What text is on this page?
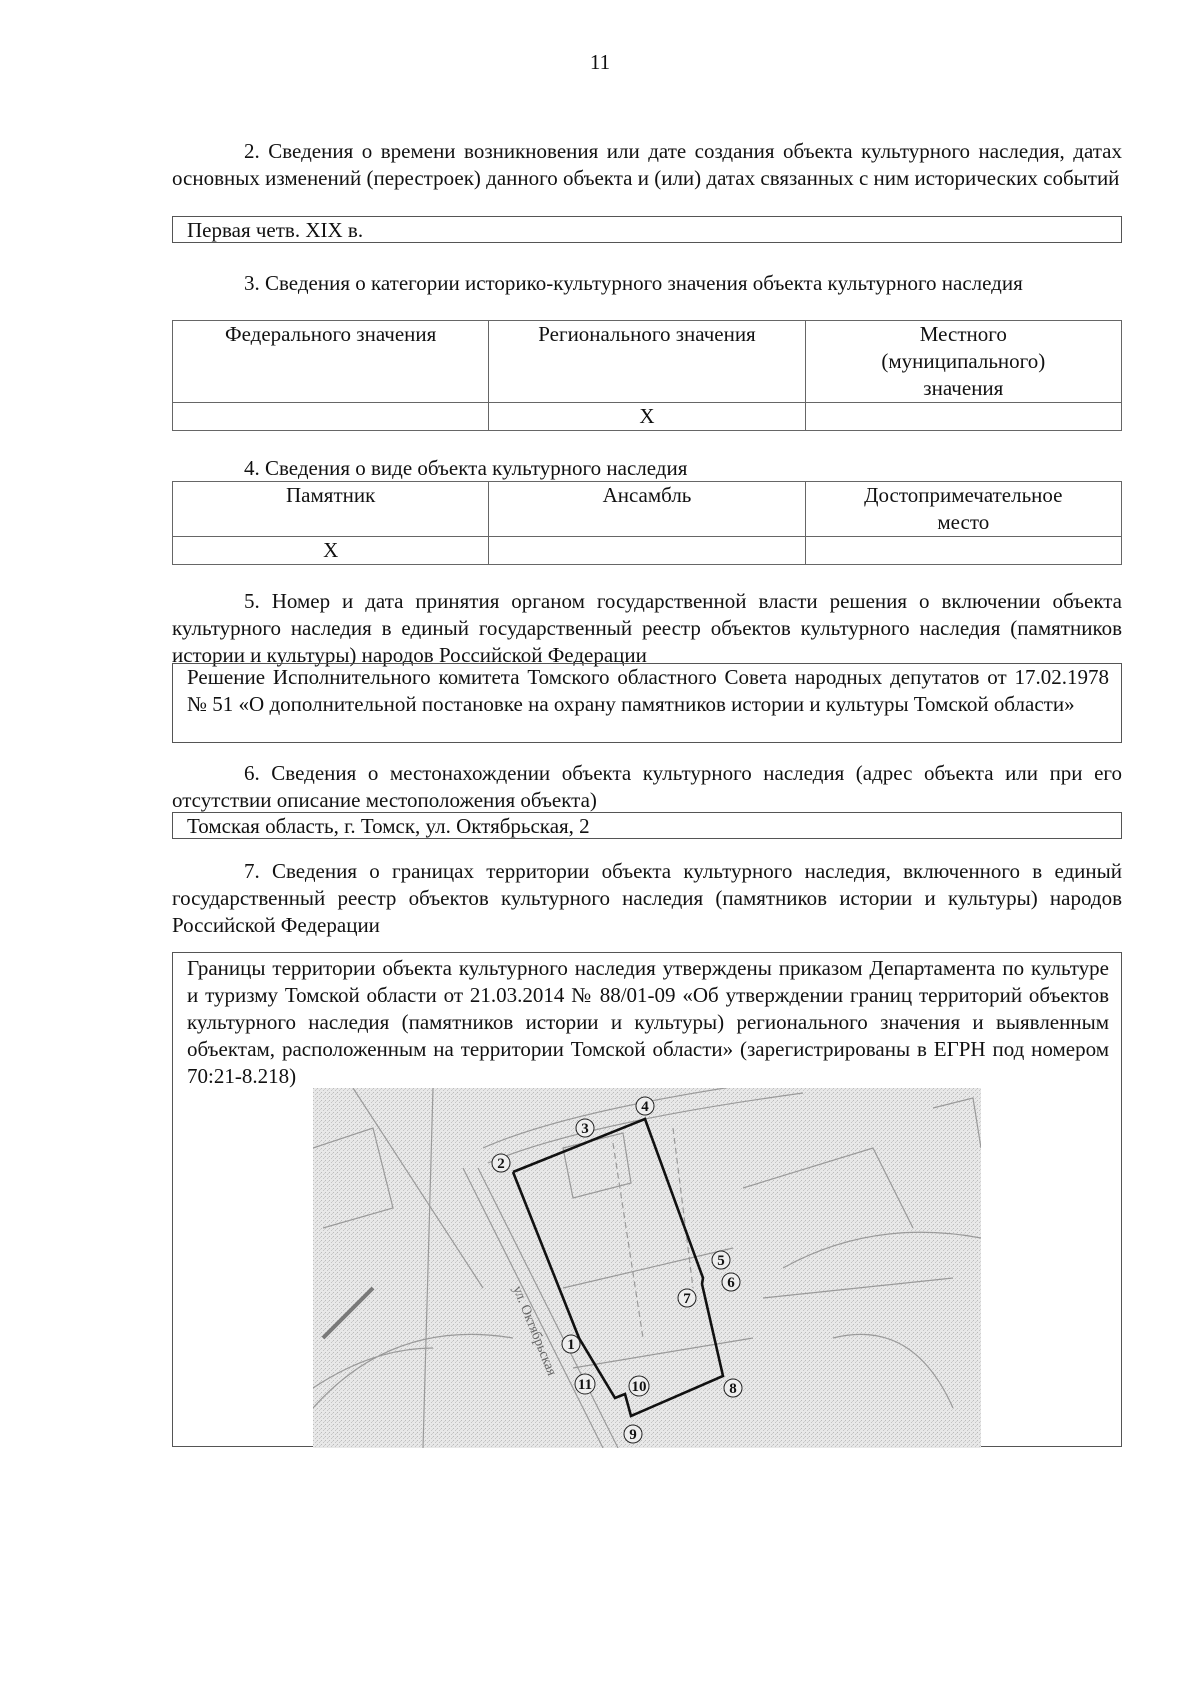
11
2. Сведения о времени возникновения или дате создания объекта культурного наследия, датах основных изменений (перестроек) данного объекта и (или) датах связанных с ним исторических событий
Первая четв. XIX в.
3. Сведения о категории историко-культурного значения объекта культурного наследия
Федерального значения	Регионального значения	Местного (муниципального) значения
	X	
4. Сведения о виде объекта культурного наследия
Памятник	Ансамбль	Достопримечательное место
X		
5. Номер и дата принятия органом государственной власти решения о включении объекта культурного наследия в единый государственный реестр объектов культурного наследия (памятников истории и культуры) народов Российской Федерации
Решение Исполнительного комитета Томского областного Совета народных депутатов от 17.02.1978 № 51 «О дополнительной постановке на охрану памятников истории и культуры Томской области»
6. Сведения о местонахождении объекта культурного наследия (адрес объекта или при его отсутствии описание местоположения объекта)
Томская область, г. Томск, ул. Октябрьская, 2
7. Сведения о границах территории объекта культурного наследия, включенного в единый государственный реестр объектов культурного наследия (памятников истории и культуры) народов Российской Федерации
Границы территории объекта культурного наследия утверждены приказом Департамента по культуре и туризму Томской области от 21.03.2014 № 88/01-09 «Об утверждении границ территорий объектов культурного наследия (памятников истории и культуры) регионального значения и выявленным объектам, расположенным на территории Томской области» (зарегистрированы в ЕГРН под номером 70:21-8.218)
1
2
3
4
5
6
7
8
9
10
11
ул. Октябрьская
